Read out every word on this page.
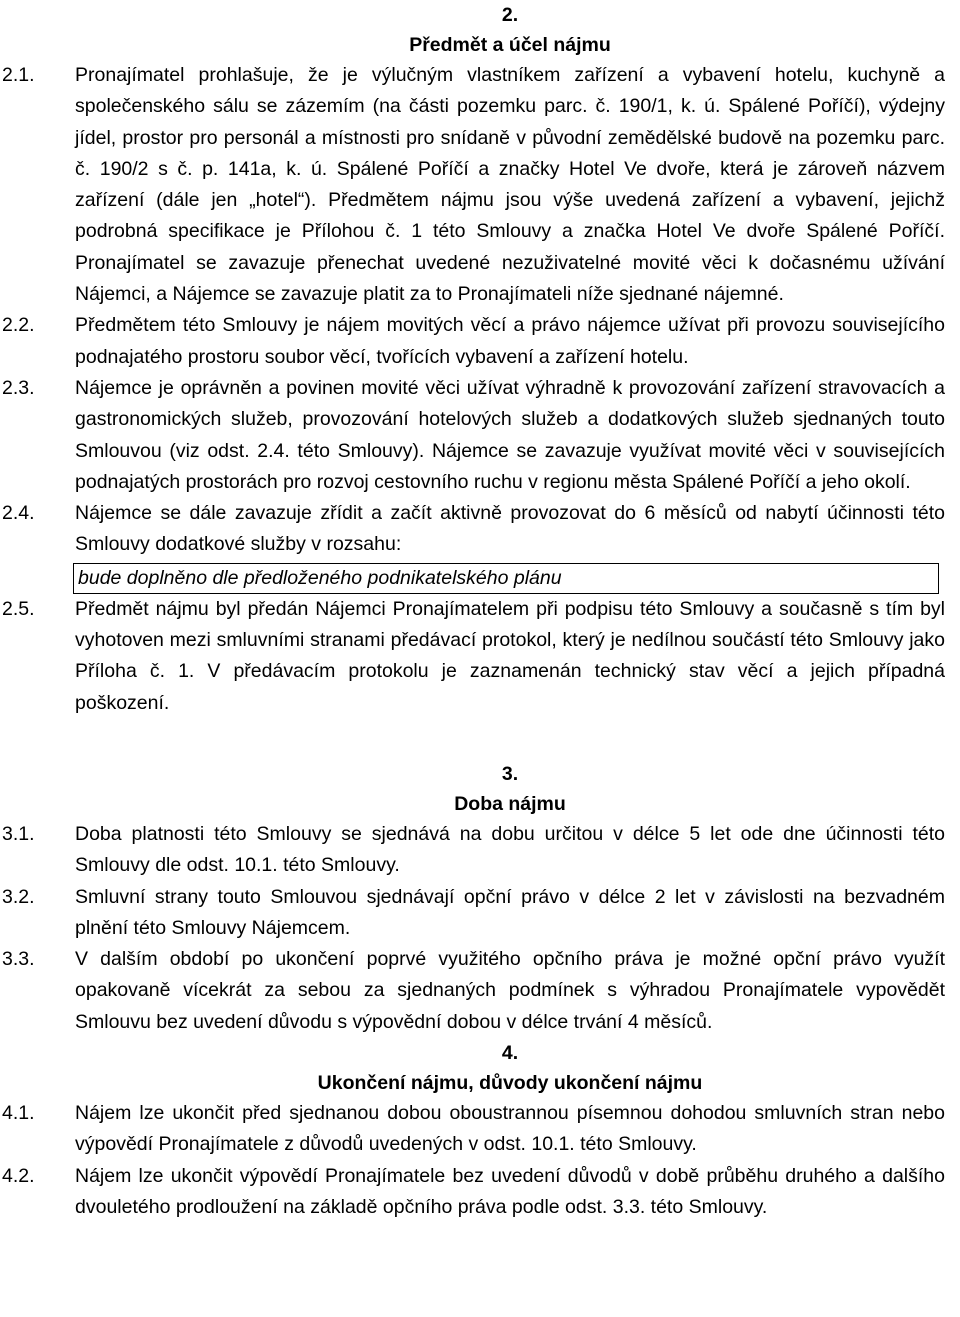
2.
Předmět a účel nájmu
2.1.	Pronajímatel prohlašuje, že je výlučným vlastníkem zařízení a vybavení hotelu, kuchyně a společenského sálu se zázemím (na části pozemku parc. č. 190/1, k. ú. Spálené Poříčí), výdejny jídel, prostor pro personál a místnosti pro snídaně v původní zemědělské budově na pozemku parc. č. 190/2 s č. p. 141a, k. ú. Spálené Poříčí a značky Hotel Ve dvoře, která je zároveň názvem zařízení (dále jen „hotel“). Předmětem nájmu jsou výše uvedená zařízení a vybavení, jejichž podrobná specifikace je Přílohou č. 1 této Smlouvy a značka Hotel Ve dvoře Spálené Poříčí. Pronajímatel se zavazuje přenechat uvedené nezuživatelné movité věci k dočasnému užívání Nájemci, a Nájemce se zavazuje platit za to Pronajímateli níže sjednané nájemné.
2.2.	Předmětem této Smlouvy je nájem movitých věcí a právo nájemce užívat při provozu souvisejícího podnajatého prostoru soubor věcí, tvořících vybavení a zařízení hotelu.
2.3.	Nájemce je oprávněn a povinen movité věci užívat výhradně k provozování zařízení stravovacích a gastronomických služeb, provozování hotelových služeb a dodatkových služeb sjednaných touto Smlouvou (viz odst. 2.4. této Smlouvy). Nájemce se zavazuje využívat movité věci v souvisejících podnajatých prostorách pro rozvoj cestovního ruchu v regionu města Spálené Poříčí a jeho okolí.
2.4.	Nájemce se dále zavazuje zřídit a začít aktivně provozovat do 6 měsíců od nabytí účinnosti této Smlouvy dodatkové služby v rozsahu:

bude doplněno dle předloženého podnikatelského plánu
2.5.	Předmět nájmu byl předán Nájemci Pronajímatelem při podpisu této Smlouvy a současně s tím byl vyhotoven mezi smluvními stranami předávací protokol, který je nedílnou součástí této Smlouvy jako Příloha č. 1. V předávacím protokolu je zaznamenán technický stav věcí a jejich případná poškození.
3.
Doba nájmu
3.1.	Doba platnosti této Smlouvy se sjednává na dobu určitou v délce 5 let ode dne účinnosti této Smlouvy dle odst. 10.1. této Smlouvy.
3.2.	Smluvní strany touto Smlouvou sjednávají opční právo v délce 2 let v závislosti na bezvadném plnění této Smlouvy Nájemcem.
3.3.	V dalším období po ukončení poprvé využitého opčního práva je možné opční právo využít opakovaně vícekrát za sebou za sjednaných podmínek s výhradou Pronajímatele vypovědět Smlouvu bez uvedení důvodu s výpovědní dobou v délce trvání 4 měsíců.
4.
Ukončení nájmu, důvody ukončení nájmu
4.1.	Nájem lze ukončit před sjednanou dobou oboustrannou písemnou dohodou smluvních stran nebo výpovědí Pronajímatele z důvodů uvedených v odst. 10.1. této Smlouvy.
4.2.	Nájem lze ukončit výpovědí Pronajímatele bez uvedení důvodů v době průběhu druhého a dalšího dvouletého prodloužení na základě opčního práva podle odst. 3.3. této Smlouvy.
